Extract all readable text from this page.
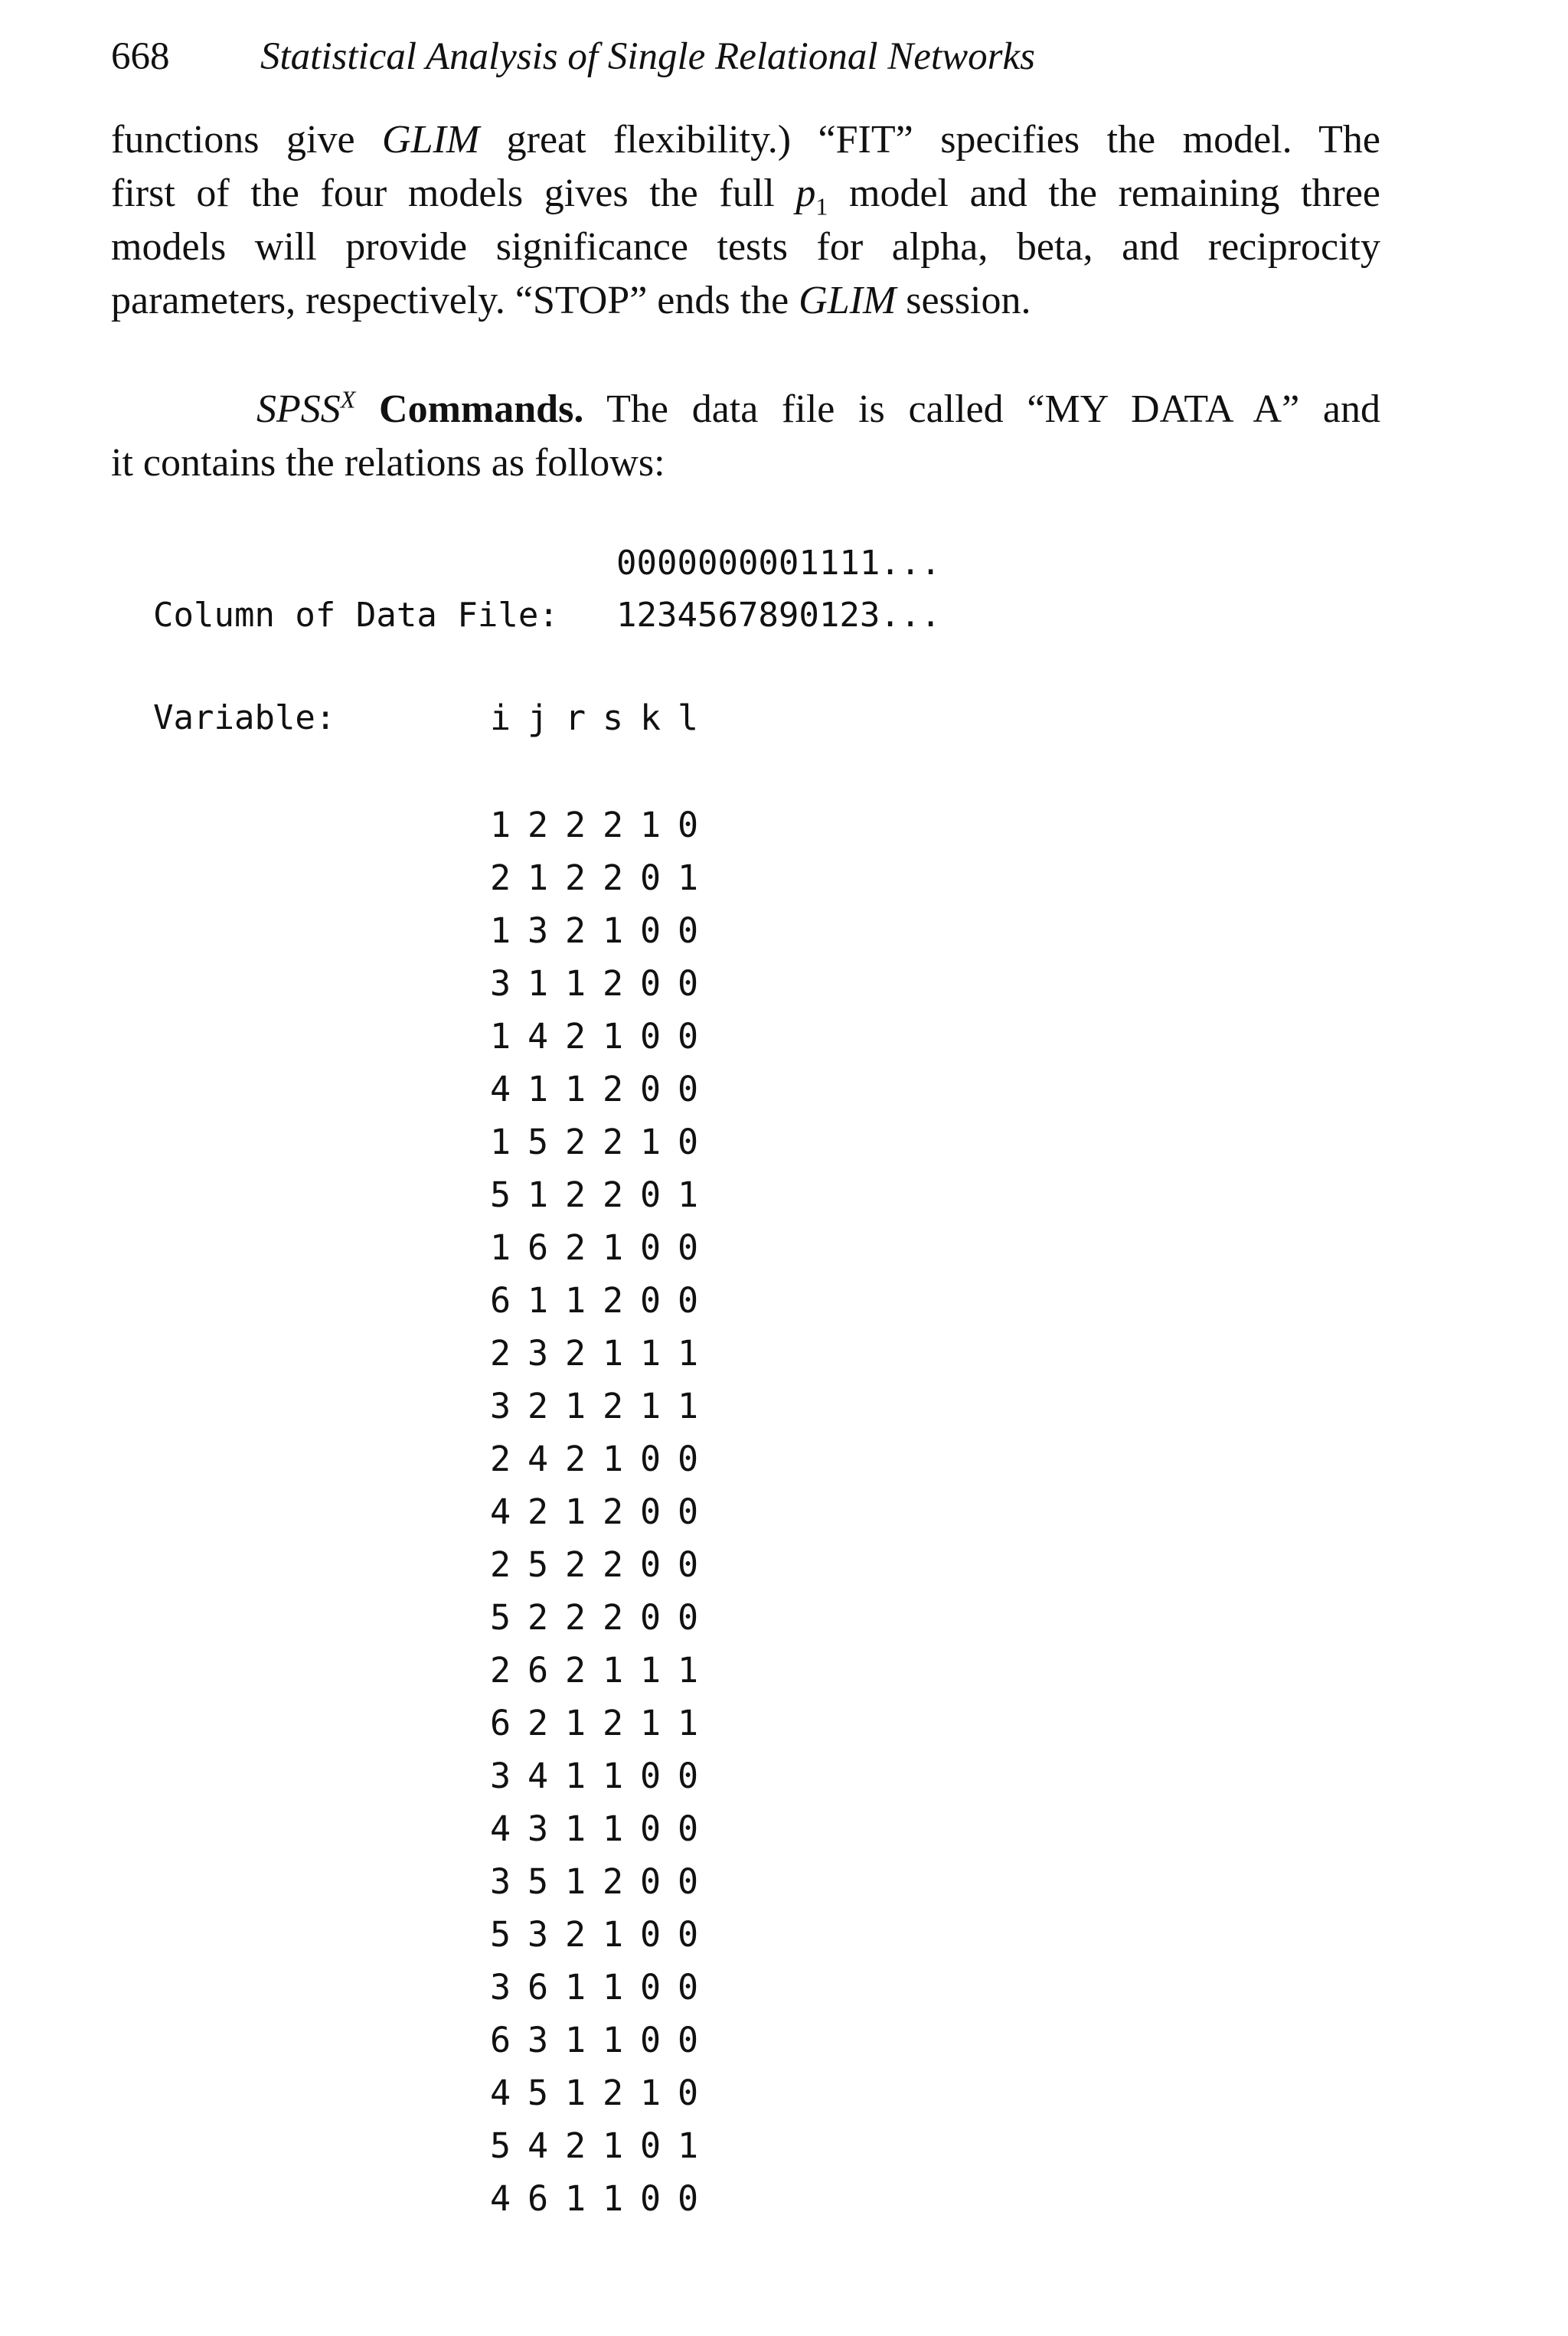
668 Statistical Analysis of Single Relational Networks
functions give GLIM great flexibility.) “FIT” specifies the model. The
first of the four models gives the full $p_1$ model and the remaining three
models will provide significance tests for alpha, beta, and reciprocity
parameters, respectively. “STOP” ends the GLIM session.
$SPSS^X$ Commands. The data file is called “MY DATA A” and
it contains the relations as follows:
0000000001111...
Column of Data File: 1234567890123...
Variable:	i j r s k l
1 2 2 2 1 0
2 1 2 2 0 1
1 3 2 1 0 0
3 1 1 2 0 0
1 4 2 1 0 0
4 1 1 2 0 0
1 5 2 2 1 0
5 1 2 2 0 1
1 6 2 1 0 0
6 1 1 2 0 0
2 3 2 1 1 1
3 2 1 2 1 1
2 4 2 1 0 0
4 2 1 2 0 0
2 5 2 2 0 0
5 2 2 2 0 0
2 6 2 1 1 1
6 2 1 2 1 1
3 4 1 1 0 0
4 3 1 1 0 0
3 5 1 2 0 0
5 3 2 1 0 0
3 6 1 1 0 0
6 3 1 1 0 0
4 5 1 2 1 0
5 4 2 1 0 1
4 6 1 1 0 0
